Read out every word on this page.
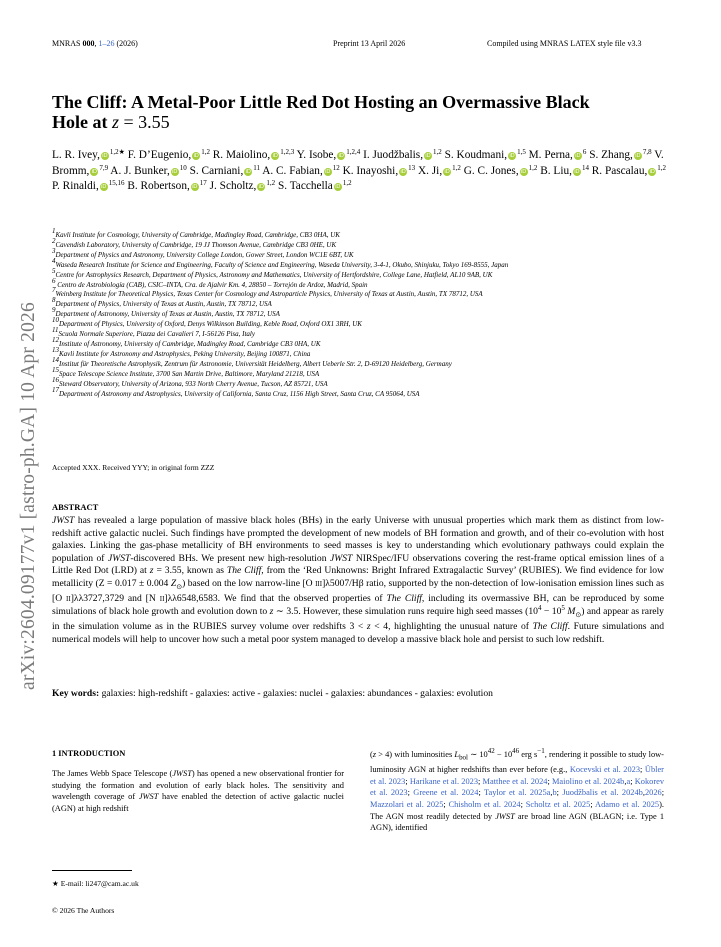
MNRAS 000, 1–26 (2026)	Preprint 13 April 2026	Compiled using MNRAS LATEX style file v3.3
arXiv:2604.09177v1 [astro-ph.GA] 10 Apr 2026
The Cliff: A Metal-Poor Little Red Dot Hosting an Overmassive Black
Hole at z = 3.55
L. R. Ivey, iD $^{1,2★}$ F. D’Eugenio, iD $^{1,2}$ R. Maiolino, iD $^{1,2,3}$ Y. Isobe, iD $^{1,2,4}$ I. Juodžbalis, iD $^{1,2}$ S. Koudmani, iD $^{1,5}$ M. Perna, iD $^6$ S. Zhang, iD $^{7,8}$ V. Bromm, iD $^{7,9}$ A. J. Bunker, iD $^{10}$ S. Carniani, iD $^{11}$ A. C. Fabian, iD $^{12}$ K. Inayoshi, iD $^{13}$ X. Ji, iD $^{1,2}$ G. C. Jones, iD $^{1,2}$ B. Liu, iD $^{14}$ R. Pascalau, iD $^{1,2}$ P. Rinaldi, iD $^{15,16}$ B. Robertson, iD $^{17}$ J. Scholtz, iD $^{1,2}$ S. Tacchella iD $^{1,2}$
$^1$Kavli Institute for Cosmology, University of Cambridge, Madingley Road, Cambridge, CB3 0HA, UK
$^2$Cavendish Laboratory, University of Cambridge, 19 JJ Thomson Avenue, Cambridge CB3 0HE, UK
$^3$Department of Physics and Astronomy, University College London, Gower Street, London WC1E 6BT, UK
$^4$Waseda Research Institute for Science and Engineering, Faculty of Science and Engineering, Waseda University, 3-4-1, Okubo, Shinjuku, Tokyo 169-8555, Japan
$^5$Centre for Astrophysics Research, Department of Physics, Astronomy and Mathematics, University of Hertfordshire, College Lane, Hatfield, AL10 9AB, UK
$^6$ Centro de Astrobiología (CAB), CSIC–INTA, Cra. de Ajalvir Km. 4, 28850 – Torrejón de Ardoz, Madrid, Spain
$^7$Weinberg Institute for Theoretical Physics, Texas Center for Cosmology and Astroparticle Physics, University of Texas at Austin, Austin, TX 78712, USA
$^8$Department of Physics, University of Texas at Austin, Austin, TX 78712, USA
$^9$Department of Astronomy, University of Texas at Austin, Austin, TX 78712, USA
$^{10}$Department of Physics, University of Oxford, Denys Wilkinson Building, Keble Road, Oxford OX1 3RH, UK
$^{11}$Scuola Normale Superiore, Piazza dei Cavalieri 7, I-56126 Pisa, Italy
$^{12}$Institute of Astronomy, University of Cambridge, Madingley Road, Cambridge CB3 0HA, UK
$^{13}$Kavli Institute for Astronomy and Astrophysics, Peking University, Beijing 100871, China
$^{14}$Institut für Theoretische Astrophysik, Zentrum für Astronomie, Universität Heidelberg, Albert Ueberle Str. 2, D-69120 Heidelberg, Germany
$^{15}$Space Telescope Science Institute, 3700 San Martin Drive, Baltimore, Maryland 21218, USA
$^{16}$Steward Observatory, University of Arizona, 933 North Cherry Avenue, Tucson, AZ 85721, USA
$^{17}$Department of Astronomy and Astrophysics, University of California, Santa Cruz, 1156 High Street, Santa Cruz, CA 95064, USA
Accepted XXX. Received YYY; in original form ZZZ
ABSTRACT
JWST has revealed a large population of massive black holes (BHs) in the early Universe with unusual properties which mark them as distinct from low-redshift active galactic nuclei. Such findings have prompted the development of new models of BH formation and growth, and of their co-evolution with host galaxies. Linking the gas-phase metallicity of BH environments to seed masses is key to understanding which evolutionary pathways could explain the population of JWST-discovered BHs. We present new high-resolution JWST NIRSpec/IFU observations covering the rest-frame optical emission lines of a Little Red Dot (LRD) at z = 3.55, known as The Cliff, from the ‘Red Unknowns: Bright Infrared Extragalactic Survey’ (RUBIES). We find evidence for low metallicity (Z = 0.017 ± 0.004 $Z_⊙$) based on the low narrow-line [O iii]λ5007/Hβ ratio, supported by the non-detection of low-ionisation emission lines such as [O ii]λλ3727,3729 and [N ii]λλ6548,6583. We find that the observed properties of The Cliff, including its overmassive BH, can be reproduced by some simulations of black hole growth and evolution down to z ∼ 3.5. However, these simulation runs require high seed masses ($10^4 - 10^5$ $M_⊙$) and appear as rarely in the simulation volume as in the RUBIES survey volume over redshifts 3 < z < 4, highlighting the unusual nature of The Cliff. Future simulations and numerical models will help to uncover how such a metal poor system managed to develop a massive black hole and persist to such low redshift.
Key words: galaxies: high-redshift - galaxies: active - galaxies: nuclei - galaxies: abundances - galaxies: evolution
1 INTRODUCTION
The James Webb Space Telescope (JWST) has opened a new observational frontier for studying the formation and evolution of early black holes. The sensitivity and wavelength coverage of JWST have enabled the detection of active galactic nuclei (AGN) at high redshift
(z > 4) with luminosities $L_{bol}$ ∼ $10^{42} - 10^{46}$ erg $s^{-1}$, rendering it possible to study low-luminosity AGN at higher redshifts than ever before (e.g., Kocevski et al. 2023; Übler et al. 2023; Harikane et al. 2023; Matthee et al. 2024; Maiolino et al. 2024b,a; Kokorev et al. 2023; Greene et al. 2024; Taylor et al. 2025a,b; Juodžbalis et al. 2024b,2026; Mazzolari et al. 2025; Chisholm et al. 2024; Scholtz et al. 2025; Adamo et al. 2025). The AGN most readily detected by JWST are broad line AGN (BLAGN; i.e. Type 1 AGN), identified
★ E-mail: li247@cam.ac.uk
© 2026 The Authors
